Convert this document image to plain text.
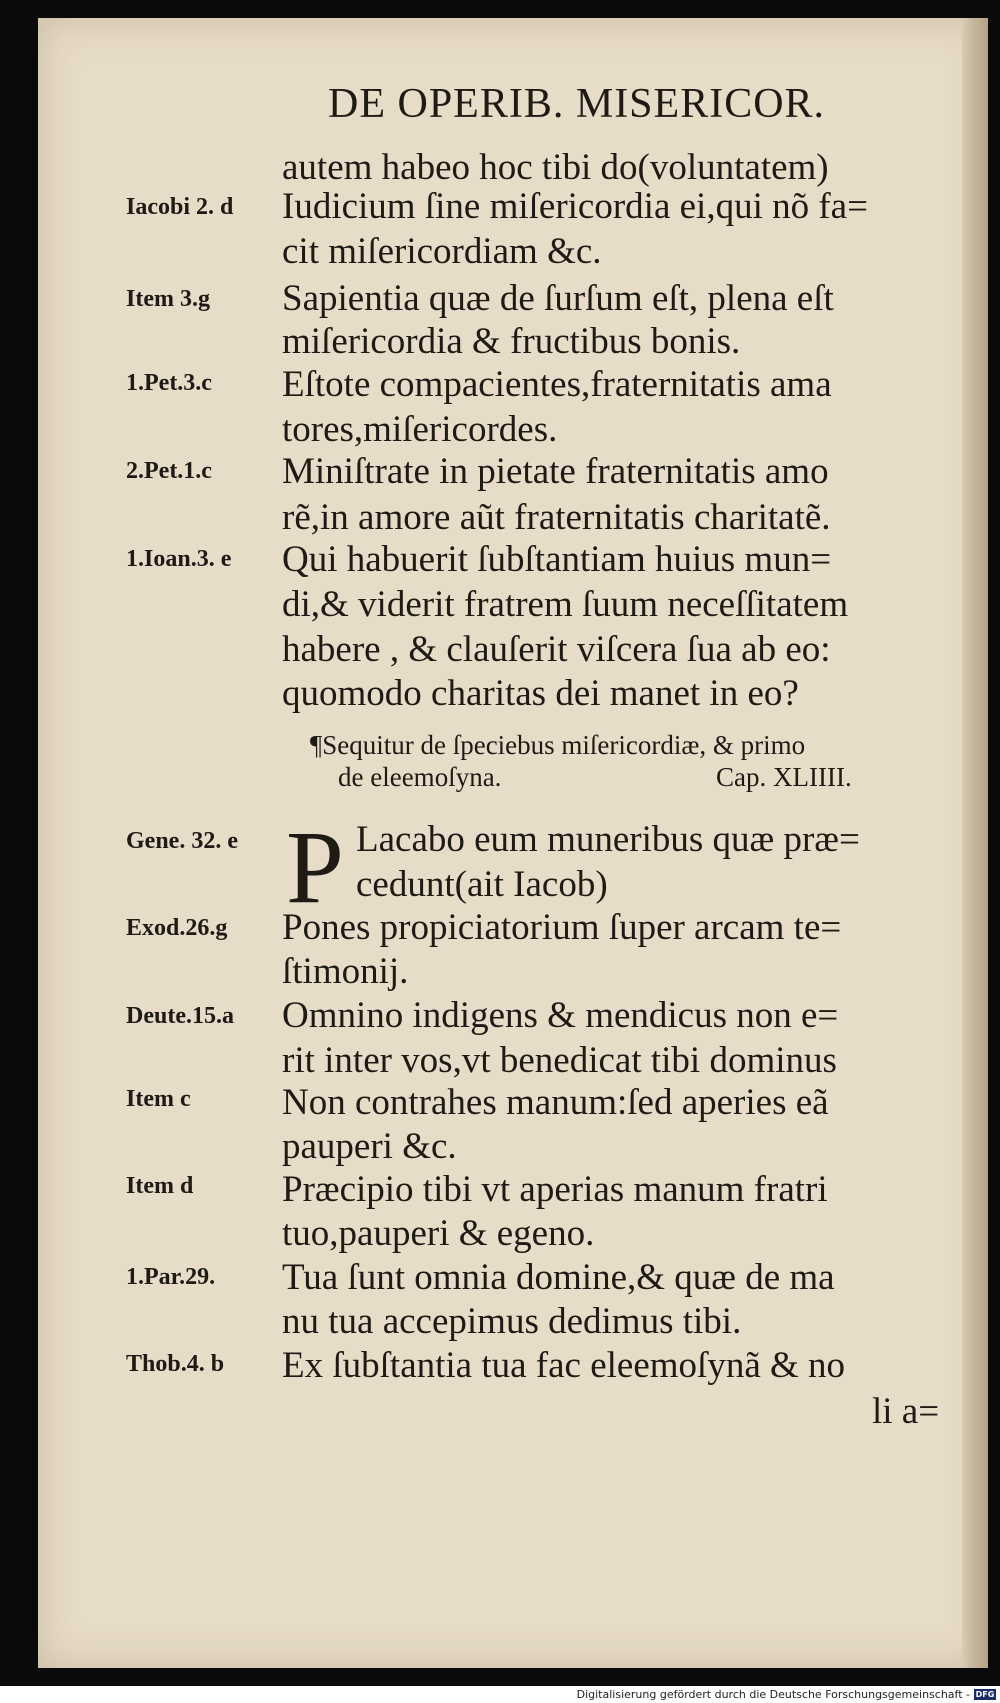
DE OPERIB. MISERICOR.
autem habeo hoc tibi do(voluntatem)
Iacobi 2. d Iudicium ſine miſericordia ei,qui nõ fa=
cit miſericordiam &c.
Item 3.g Sapientia quæ de ſurſum eſt, plena eſt
miſericordia & fructibus bonis.
1.Pet.3.c Eſtote compacientes,fraternitatis ama
tores,miſericordes.
2.Pet.1.c Miniſtrate in pietate fraternitatis amo
rẽ,in amore aũt fraternitatis charitatẽ.
1.Ioan.3. e Qui habuerit ſubſtantiam huius mun=
di,& viderit fratrem ſuum neceſſitatem
habere , & clauſerit viſcera ſua ab eo:
quomodo charitas dei manet in eo?
¶Sequitur de ſpeciebus miſericordiæ, & primo
de eleemoſyna.	Cap. XLIIII.
P
Gene. 32. e	Lacabo eum muneribus quæ præ=
cedunt(ait Iacob)
Exod.26.g Pones propiciatorium ſuper arcam te=
ſtimonij.
Deute.15.a Omnino indigens & mendicus non e=
rit inter vos,vt benedicat tibi dominus
Item c Non contrahes manum:ſed aperies eã
pauperi &c.
Item d Præcipio tibi vt aperias manum fratri
tuo,pauperi & egeno.
1.Par.29. Tua ſunt omnia domine,& quæ de ma
nu tua accepimus dedimus tibi.
Thob.4. b Ex ſubſtantia tua fac eleemoſynã & no
li a=
Digitalisierung gefördert durch die Deutsche Forschungsgemeinschaft - DFG
